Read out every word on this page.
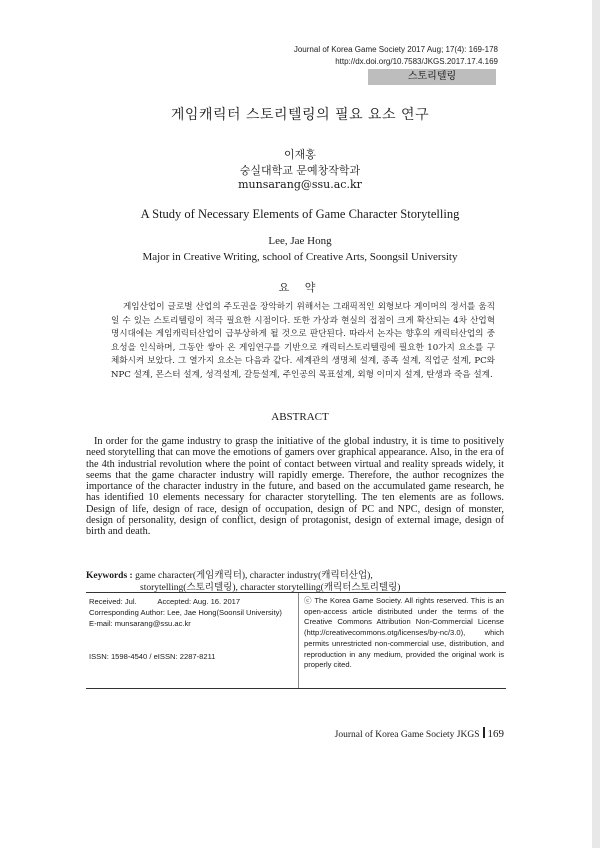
Journal of Korea Game Society 2017 Aug; 17(4): 169-178
http://dx.doi.org/10.7583/JKGS.2017.17.4.169
스토리텔링
게임캐릭터 스토리텔링의 필요 요소 연구
이재홍
숭실대학교 문예창작학과
munsarang@ssu.ac.kr
A Study of Necessary Elements of Game Character Storytelling
Lee, Jae Hong
Major in Creative Writing, school of Creative Arts, Soongsil University
요 약
게임산업이 글로벌 산업의 주도권을 장악하기 위해서는 그래픽적인 외형보다 게이머의 정서를 움직일 수 있는 스토리텔링이 적극 필요한 시점이다. 또한 가상과 현실의 접점이 크게 확산되는 4차 산업혁명시대에는 게임캐릭터산업이 급부상하게 될 것으로 판단된다. 따라서 논자는 향후의 캐릭터산업의 중요성을 인식하며, 그동안 쌓아 온 게임연구를 기반으로 캐릭터스토리텔링에 필요한 10가지 요소를 구체화시켜 보았다. 그 열가지 요소는 다음과 같다. 세계관의 생명체 설계, 종족 설계, 직업군 설계, PC와 NPC 설계, 몬스터 설계, 성격설계, 갈등설계, 주인공의 목표설계, 외형 이미지 설계, 탄생과 죽음 설계.
ABSTRACT
In order for the game industry to grasp the initiative of the global industry, it is time to positively need storytelling that can move the emotions of gamers over graphical appearance. Also, in the era of the 4th industrial revolution where the point of contact between virtual and reality spreads widely, it seems that the game character industry will rapidly emerge. Therefore, the author recognizes the importance of the character industry in the future, and based on the accumulated game research, he has identified 10 elements necessary for character storytelling. The ten elements are as follows. Design of life, design of race, design of occupation, design of PC and NPC, design of monster, design of personality, design of conflict, design of protagonist, design of external image, design of birth and death.
Keywords : game character(게임캐릭터), character industry(캐릭터산업),
storytelling(스토리텔링), character storytelling(캐릭터스토리텔링)
Received: Jul.          Accepted: Aug. 16. 2017
Corresponding Author: Lee, Jae Hong(Soonsil University)
E-mail: munsarang@ssu.ac.kr
ISSN: 1598-4540 / eISSN: 2287-8211
ⓒ The Korea Game Society. All rights reserved. This is an open-access article distributed under the terms of the Creative Commons Attribution Non-Commercial License (http://creativecommons.otg/licenses/by-nc/3.0), which permits unrestricted non-commercial use, distribution, and reproduction in any medium, provided the original work is properly cited.
Journal of Korea Game Society JKGS 169
